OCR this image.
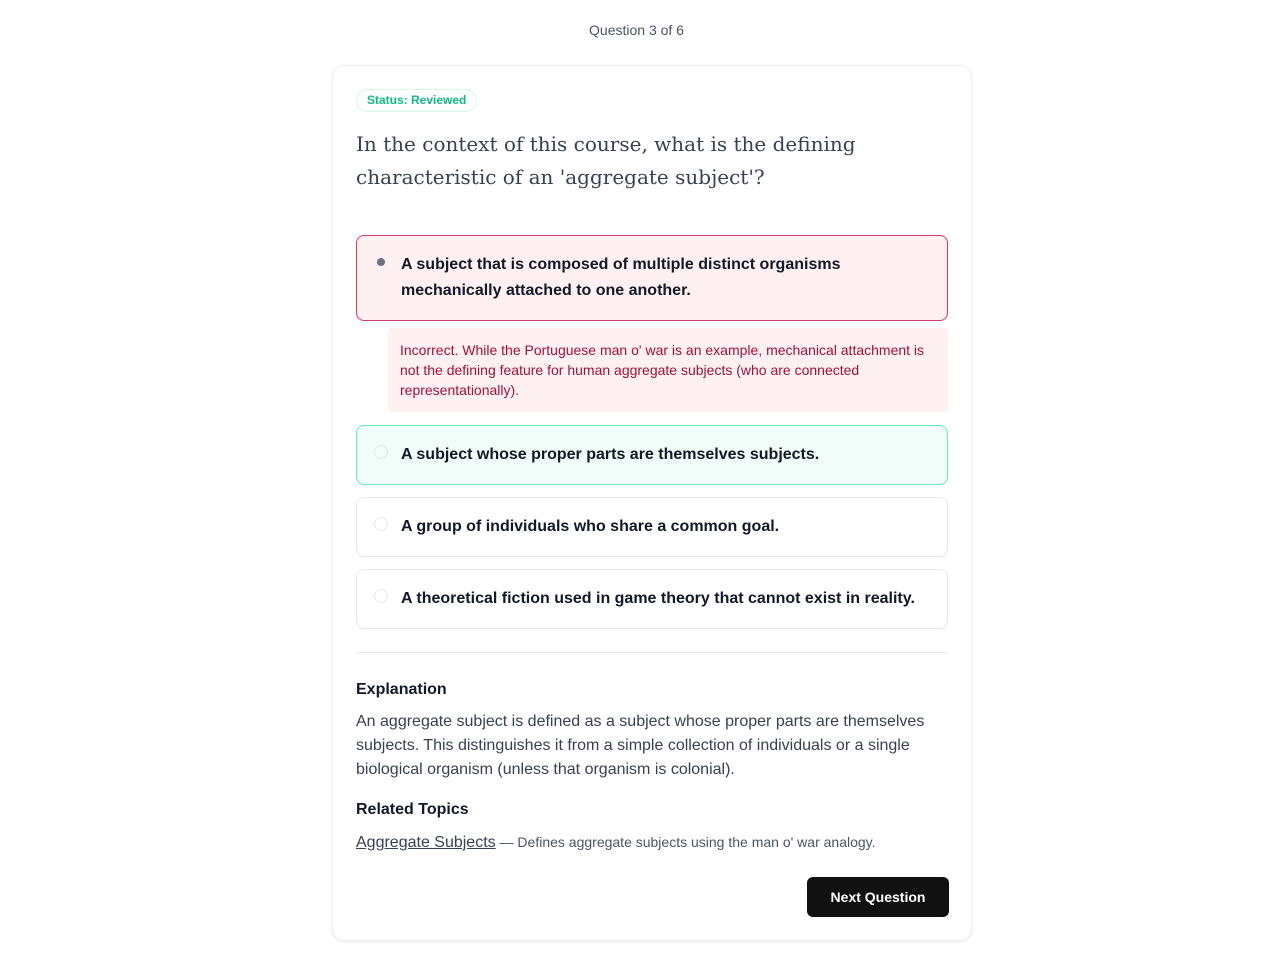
Question 3 of 6
Status: Reviewed
In the context of this course, what is the defining characteristic of an 'aggregate subject'?
A subject that is composed of multiple distinct organisms mechanically attached to one another.
Incorrect. While the Portuguese man o' war is an example, mechanical attachment is not the defining feature for human aggregate subjects (who are connected representationally).
A subject whose proper parts are themselves subjects.
A group of individuals who share a common goal.
A theoretical fiction used in game theory that cannot exist in reality.
Explanation
An aggregate subject is defined as a subject whose proper parts are themselves subjects. This distinguishes it from a simple collection of individuals or a single biological organism (unless that organism is colonial).
Related Topics
Aggregate Subjects — Defines aggregate subjects using the man o' war analogy.
Next Question
